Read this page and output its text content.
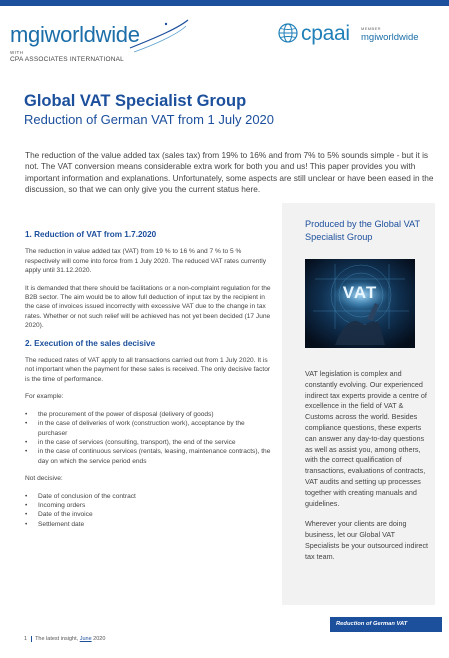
mgiworldwide
WITH
CPA ASSOCIATES INTERNATIONAL
cpaai	MEMBER
mgiworldwide
Global VAT Specialist Group
Reduction of German VAT from 1 July 2020

The reduction of the value added tax (sales tax) from 19% to 16% and from 7% to 5% sounds simple - but it is not. The VAT conversion means considerable extra work for both you and us! This paper provides you with important information and explanations. Unfortunately, some aspects are still unclear or have been eased in the discussion, so that we can only give you the current status here.

1. Reduction of VAT from 1.7.2020

The reduction in value added tax (VAT) from 19 % to 16 % and 7 % to 5 % respectively will come into force from 1 July 2020. The reduced VAT rates currently apply until 31.12.2020.

It is demanded that there should be facilitations or a non-complaint regulation for the B2B sector. The aim would be to allow full deduction of input tax by the recipient in the case of invoices issued incorrectly with excessive VAT due to the change in tax rates. Whether or not such relief will be achieved has not yet been decided (17 June 2020).

2. Execution of the sales decisive

The reduced rates of VAT apply to all transactions carried out from 1 July 2020. It is not important when the payment for these sales is received. The only decisive factor is the time of performance.

For example:

• the procurement of the power of disposal (delivery of goods)
• in the case of deliveries of work (construction work), acceptance by the purchaser
• in the case of services (consulting, transport), the end of the service
• in the case of continuous services (rentals, leasing, maintenance contracts), the day on which the service period ends

Not decisive:

• Date of conclusion of the contract
• Incoming orders
• Date of the invoice
• Settlement date
Produced by the Global VAT Specialist Group
VAT

VAT legislation is complex and constantly evolving. Our experienced indirect tax experts provide a centre of excellence in the field of VAT & Customs across the world. Besides compliance questions, these experts can answer any day-to-day questions as well as assist you, among others, with the correct qualification of transactions, evaluations of contracts, VAT audits and setting up processes together with creating manuals and guidelines.

Wherever your clients are doing business, let our Global VAT Specialists be your outsourced indirect tax team.

Reduction of German VAT
1 The latest insight, June 2020
